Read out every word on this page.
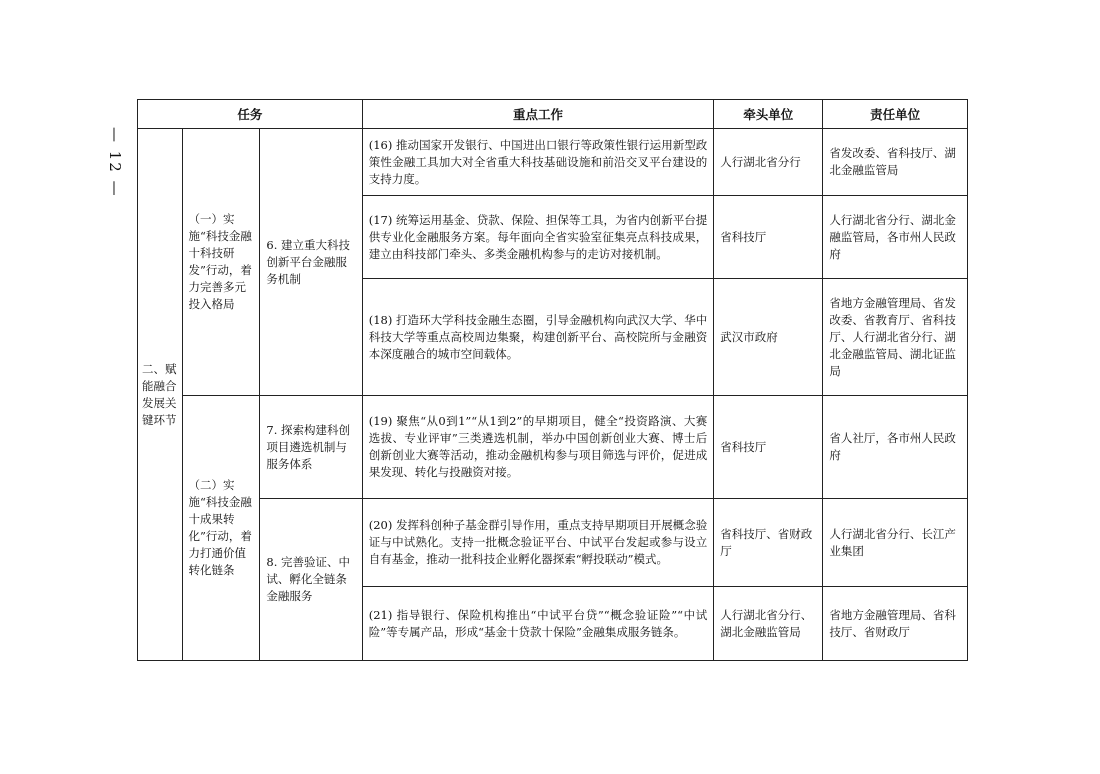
— 12 —
任务			重点工作	牵头单位	责任单位
二、赋能融合发展关键环节	（一）实施“科技金融十科技研发”行动，着力完善多元投入格局	6. 建立重大科技创新平台金融服务机制	(16) 推动国家开发银行、中国进出口银行等政策性银行运用新型政策性金融工具加大对全省重大科技基础设施和前沿交叉平台建设的支持力度。	人行湖北省分行	省发改委、省科技厅、湖北金融监管局
			(17) 统筹运用基金、贷款、保险、担保等工具，为省内创新平台提供专业化金融服务方案。每年面向全省实验室征集亮点科技成果，建立由科技部门牵头、多类金融机构参与的走访对接机制。	省科技厅	人行湖北省分行、湖北金融监管局，各市州人民政府
			(18) 打造环大学科技金融生态圈，引导金融机构向武汉大学、华中科技大学等重点高校周边集聚，构建创新平台、高校院所与金融资本深度融合的城市空间载体。	武汉市政府	省地方金融管理局、省发改委、省教育厅、省科技厅、人行湖北省分行、湖北金融监管局、湖北证监局
	（二）实施“科技金融十成果转化”行动，着力打通价值转化链条	7. 探索构建科创项目遴选机制与服务体系	(19) 聚焦“从0到1”“从1到2”的早期项目，健全“投资路演、大赛选拔、专业评审”三类遴选机制，举办中国创新创业大赛、博士后创新创业大赛等活动，推动金融机构参与项目筛选与评价，促进成果发现、转化与投融资对接。	省科技厅	省人社厅，各市州人民政府
		8. 完善验证、中试、孵化全链条金融服务	(20) 发挥科创种子基金群引导作用，重点支持早期项目开展概念验证与中试熟化。支持一批概念验证平台、中试平台发起或参与设立自有基金，推动一批科技企业孵化器探索“孵投联动”模式。	省科技厅、省财政厅	人行湖北省分行、长江产业集团
			(21) 指导银行、保险机构推出“中试平台贷”“概念验证险”“中试险”等专属产品，形成“基金十贷款十保险”金融集成服务链条。	人行湖北省分行、湖北金融监管局	省地方金融管理局、省科技厅、省财政厅
